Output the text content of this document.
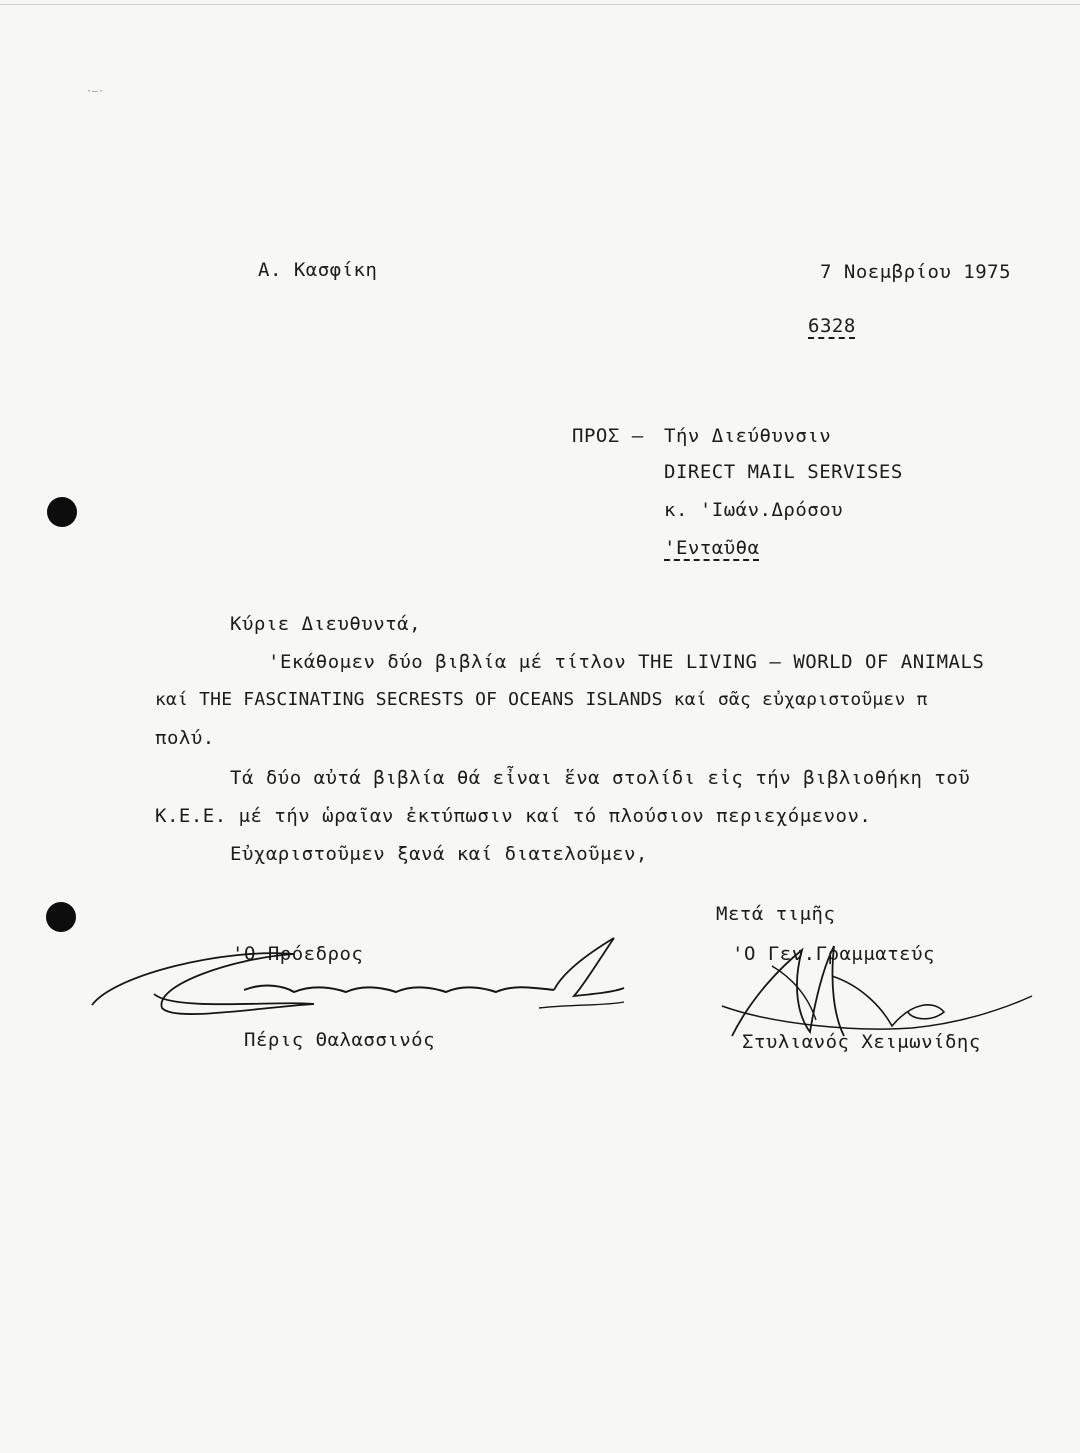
·–·
Α. Κασφίκη	7 Νοεμβρίου 1975
6328
ΠΡΟΣ – Τήν Διεύθυνσιν
DIRECT MAIL SERVISES
κ. 'Ιωάν.Δρόσου
'Ενταῦθα
Κύριε Διευθυντά,
'Εκάθομεν δύο βιβλία μέ τίτλον THE LIVING – WORLD OF ANIMALS
καί THE FASCINATING SECRESTS OF OCEANS ISLANDS καί σᾶς εὐχαριστοῦμεν π
πολύ.
Τά δύο αὐτά βιβλία θά εἶναι ἕνα στολίδι εἰς τήν βιβλιοθήκη τοῦ
Κ.Ε.Ε. μέ τήν ὡραῖαν ἐκτύπωσιν καί τό πλούσιον περιεχόμενον.
Εὐχαριστοῦμεν ξανά καί διατελοῦμεν,
Μετά τιμῆς
'Ο Πρόεδρος	'Ο Γεν.Γραμματεύς
Πέρις Θαλασσινός	Στυλιανός Χειμωνίδης
